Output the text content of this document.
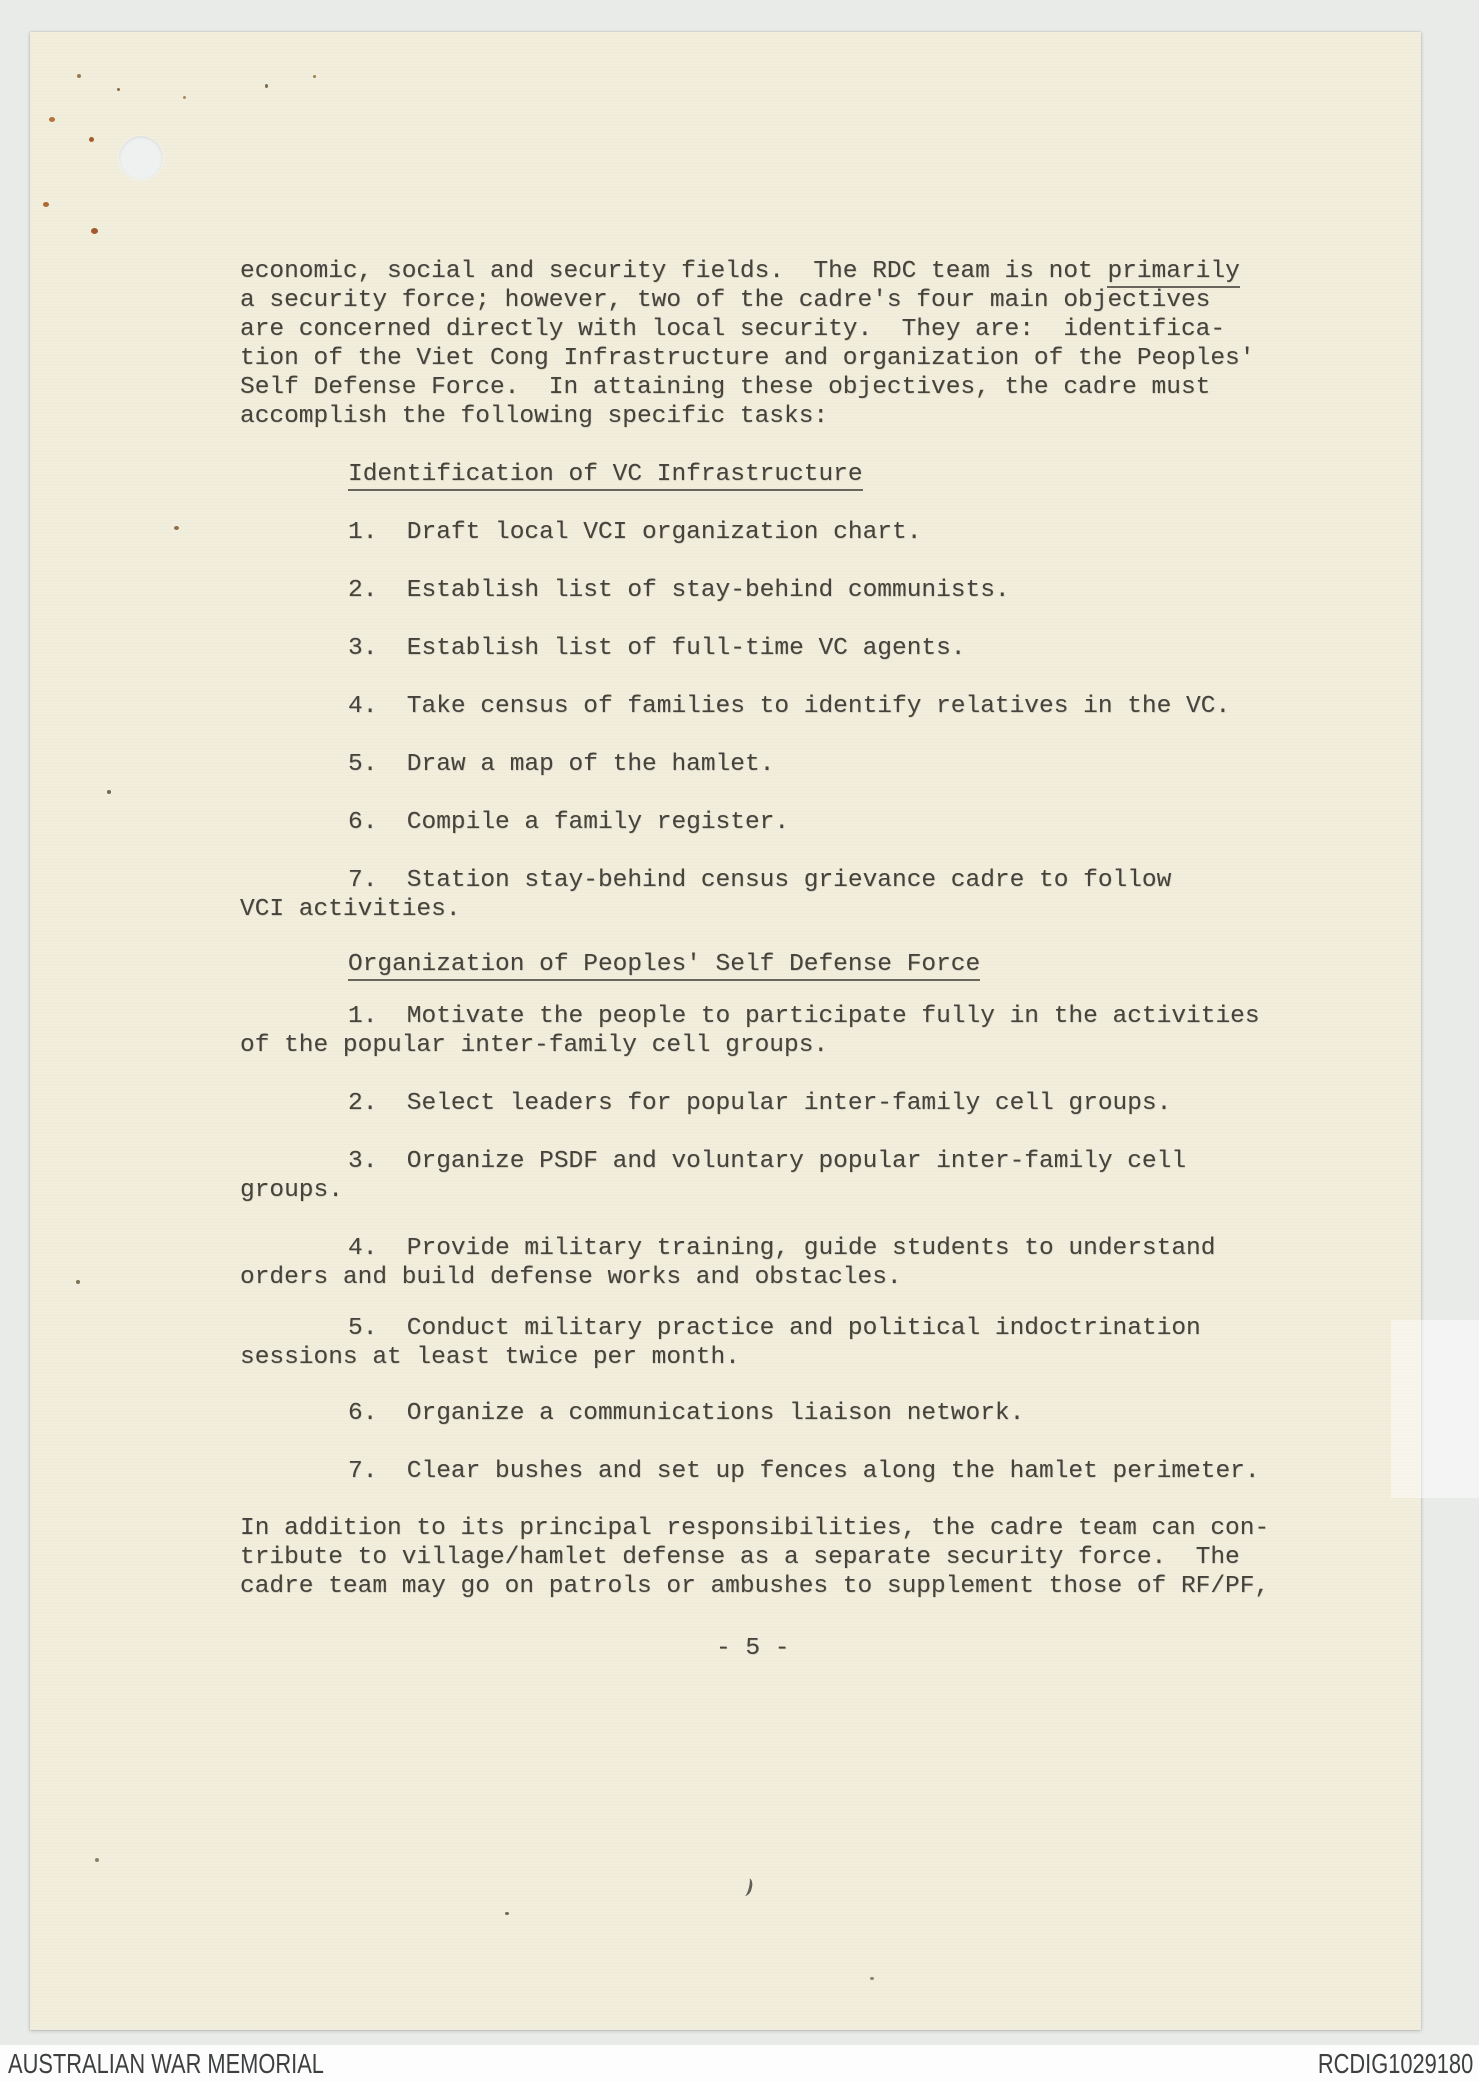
economic, social and security fields.  The RDC team is not primarily
a security force; however, two of the cadre's four main objectives
are concerned directly with local security.  They are:  identifica-
tion of the Viet Cong Infrastructure and organization of the Peoples'
Self Defense Force.  In attaining these objectives, the cadre must
accomplish the following specific tasks:
Identification of VC Infrastructure
1.  Draft local VCI organization chart.
2.  Establish list of stay-behind communists.
3.  Establish list of full-time VC agents.
4.  Take census of families to identify relatives in the VC.
5.  Draw a map of the hamlet.
6.  Compile a family register.
7.  Station stay-behind census grievance cadre to follow
VCI activities.
Organization of Peoples' Self Defense Force
1.  Motivate the people to participate fully in the activities
of the popular inter-family cell groups.
2.  Select leaders for popular inter-family cell groups.
3.  Organize PSDF and voluntary popular inter-family cell
groups.
4.  Provide military training, guide students to understand
orders and build defense works and obstacles.
5.  Conduct military practice and political indoctrination
sessions at least twice per month.
6.  Organize a communications liaison network.
7.  Clear bushes and set up fences along the hamlet perimeter.
In addition to its principal responsibilities, the cadre team can con-
tribute to village/hamlet defense as a separate security force.  The
cadre team may go on patrols or ambushes to supplement those of RF/PF,
- 5 -
AUSTRALIAN WAR MEMORIAL	RCDIG1029180
